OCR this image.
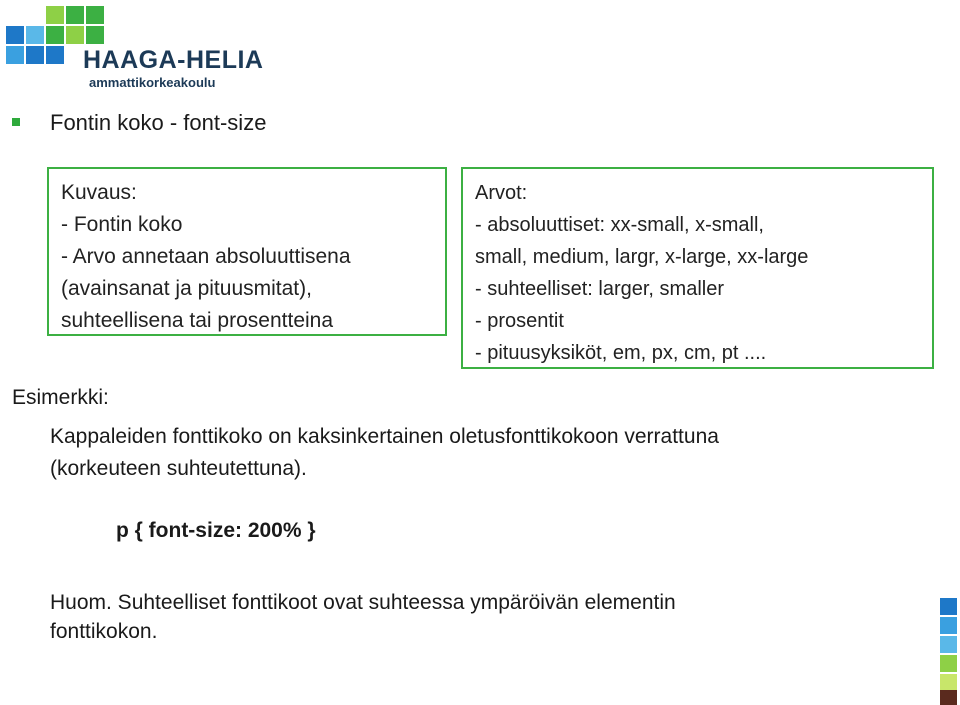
HAAGA-HELIA
ammattikorkeakoulu
Fontin koko - font-size
Kuvaus:
- Fontin koko
- Arvo annetaan absoluuttisena
(avainsanat ja pituusmitat),
suhteellisena tai prosentteina
Arvot:
- absoluuttiset: xx-small, x-small,
small, medium, largr, x-large, xx-large
- suhteelliset: larger, smaller
- prosentit
- pituusyksiköt, em, px, cm, pt ....
Esimerkki:
Kappaleiden fonttikoko on kaksinkertainen oletusfonttikokoon verrattuna
(korkeuteen suhteutettuna).
p { font-size: 200% }
Huom. Suhteelliset fonttikoot ovat suhteessa ympäröivän elementin
fonttikokon.
